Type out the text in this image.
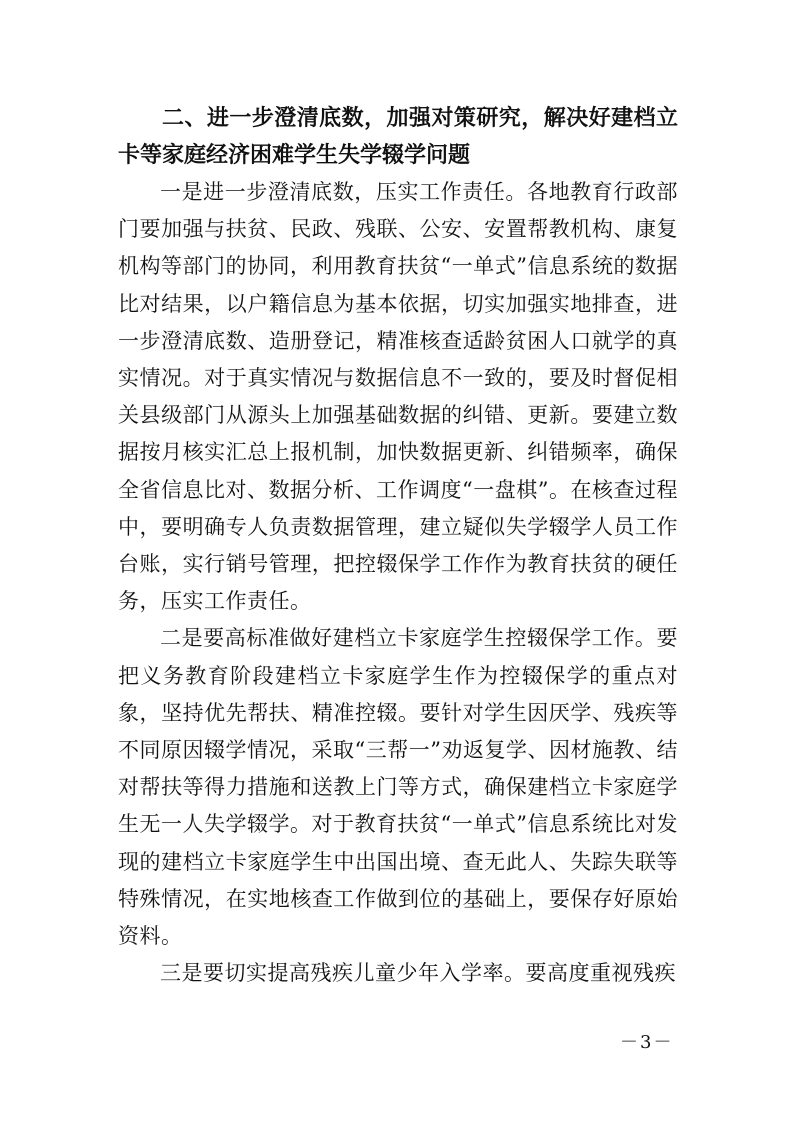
二、进一步澄清底数，加强对策研究，解决好建档立卡等家庭经济困难学生失学辍学问题

一是进一步澄清底数，压实工作责任。各地教育行政部门要加强与扶贫、民政、残联、公安、安置帮教机构、康复机构等部门的协同，利用教育扶贫“一单式”信息系统的数据比对结果，以户籍信息为基本依据，切实加强实地排查，进一步澄清底数、造册登记，精准核查适龄贫困人口就学的真实情况。对于真实情况与数据信息不一致的，要及时督促相关县级部门从源头上加强基础数据的纠错、更新。要建立数据按月核实汇总上报机制，加快数据更新、纠错频率，确保全省信息比对、数据分析、工作调度“一盘棋”。在核查过程中，要明确专人负责数据管理，建立疑似失学辍学人员工作台账，实行销号管理，把控辍保学工作作为教育扶贫的硬任务，压实工作责任。

二是要高标准做好建档立卡家庭学生控辍保学工作。要把义务教育阶段建档立卡家庭学生作为控辍保学的重点对象，坚持优先帮扶、精准控辍。要针对学生因厌学、残疾等不同原因辍学情况，采取“三帮一”劝返复学、因材施教、结对帮扶等得力措施和送教上门等方式，确保建档立卡家庭学生无一人失学辍学。对于教育扶贫“一单式”信息系统比对发现的建档立卡家庭学生中出国出境、查无此人、失踪失联等特殊情况，在实地核查工作做到位的基础上，要保存好原始资料。

三是要切实提高残疾儿童少年入学率。要高度重视残疾

－3－
